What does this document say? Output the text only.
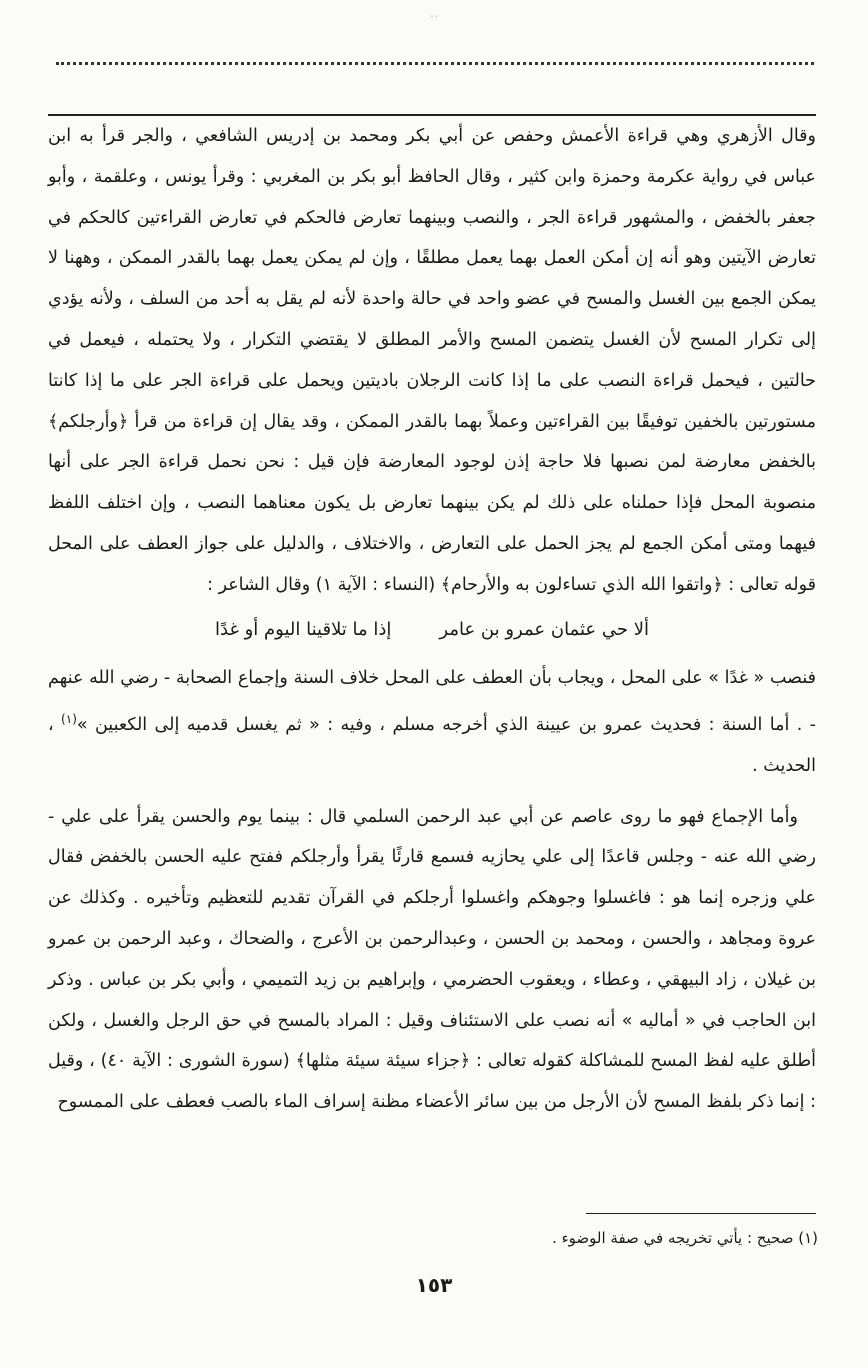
..

وقال الأزهري وهي قراءة الأعمش وحفص عن أبي بكر ومحمد بن إدريس الشافعي ، والجر قرأ به ابن عباس في رواية عكرمة وحمزة وابن كثير ، وقال الحافظ أبو بكر بن المغربي : وقرأ يونس ، وعلقمة ، وأبو جعفر بالخفض ، والمشهور قراءة الجر ، والنصب وبينهما تعارض فالحكم في تعارض القراءتين كالحكم في تعارض الآيتين وهو أنه إن أمكن العمل بهما يعمل مطلقًا ، وإن لم يمكن يعمل بهما بالقدر الممكن ، وههنا لا يمكن الجمع بين الغسل والمسح في عضو واحد في حالة واحدة لأنه لم يقل به أحد من السلف ، ولأنه يؤدي إلى تكرار المسح لأن الغسل يتضمن المسح والأمر المطلق لا يقتضي التكرار ، ولا يحتمله ، فيعمل في حالتين ، فيحمل قراءة النصب على ما إذا كانت الرجلان باديتين ويحمل على قراءة الجر على ما إذا كانتا مستورتين بالخفين توفيقًا بين القراءتين وعملاً بهما بالقدر الممكن ، وقد يقال إن قراءة من قرأ ﴿وأرجلكم﴾ بالخفض معارضة لمن نصبها فلا حاجة إذن لوجود المعارضة فإن قيل : نحن نحمل قراءة الجر على أنها منصوبة المحل فإذا حملناه على ذلك لم يكن بينهما تعارض بل يكون معناهما النصب ، وإن اختلف اللفظ فيهما ومتى أمكن الجمع لم يجز الحمل على التعارض ، والاختلاف ، والدليل على جواز العطف على المحل قوله تعالى : ﴿واتقوا الله الذي تساءلون به والأرحام﴾ (النساء : الآية ١) وقال الشاعر :

ألا حي عثمان عمرو بن عامر
إذا ما تلاقينا اليوم أو غدًا

فنصب « غدًا » على المحل ، ويجاب بأن العطف على المحل خلاف السنة وإجماع الصحابة - رضي الله عنهم - . أما السنة : فحديث عمرو بن عيينة الذي أخرجه مسلم ، وفيه : « ثم يغسل قدميه إلى الكعبين »$^{(١)}$ ، الحديث .

وأما الإجماع فهو ما روى عاصم عن أبي عبد الرحمن السلمي قال : بينما يوم والحسن يقرأ على علي - رضي الله عنه - وجلس قاعدًا إلى علي يحازيه فسمع قارئًا يقرأ وأرجلكم ففتح عليه الحسن بالخفض فقال علي وزجره إنما هو : فاغسلوا وجوهكم واغسلوا أرجلكم في القرآن تقديم للتعظيم وتأخيره . وكذلك عن عروة ومجاهد ، والحسن ، ومحمد بن الحسن ، وعبدالرحمن بن الأعرج ، والضحاك ، وعبد الرحمن بن عمرو بن غيلان ، زاد البيهقي ، وعطاء ، ويعقوب الحضرمي ، وإبراهيم بن زيد التميمي ، وأبي بكر بن عباس . وذكر ابن الحاجب في « أماليه » أنه نصب على الاستئناف وقيل : المراد بالمسح في حق الرجل والغسل ، ولكن أطلق عليه لفظ المسح للمشاكلة كقوله تعالى : ﴿جزاء سيئة سيئة مثلها﴾ (سورة الشورى : الآية ٤٠) ، وقيل : إنما ذكر بلفظ المسح لأن الأرجل من بين سائر الأعضاء مظنة إسراف الماء بالصب فعطف على الممسوح

(١) صحيح : يأتي تخريجه في صفة الوضوء .
١٥٣
